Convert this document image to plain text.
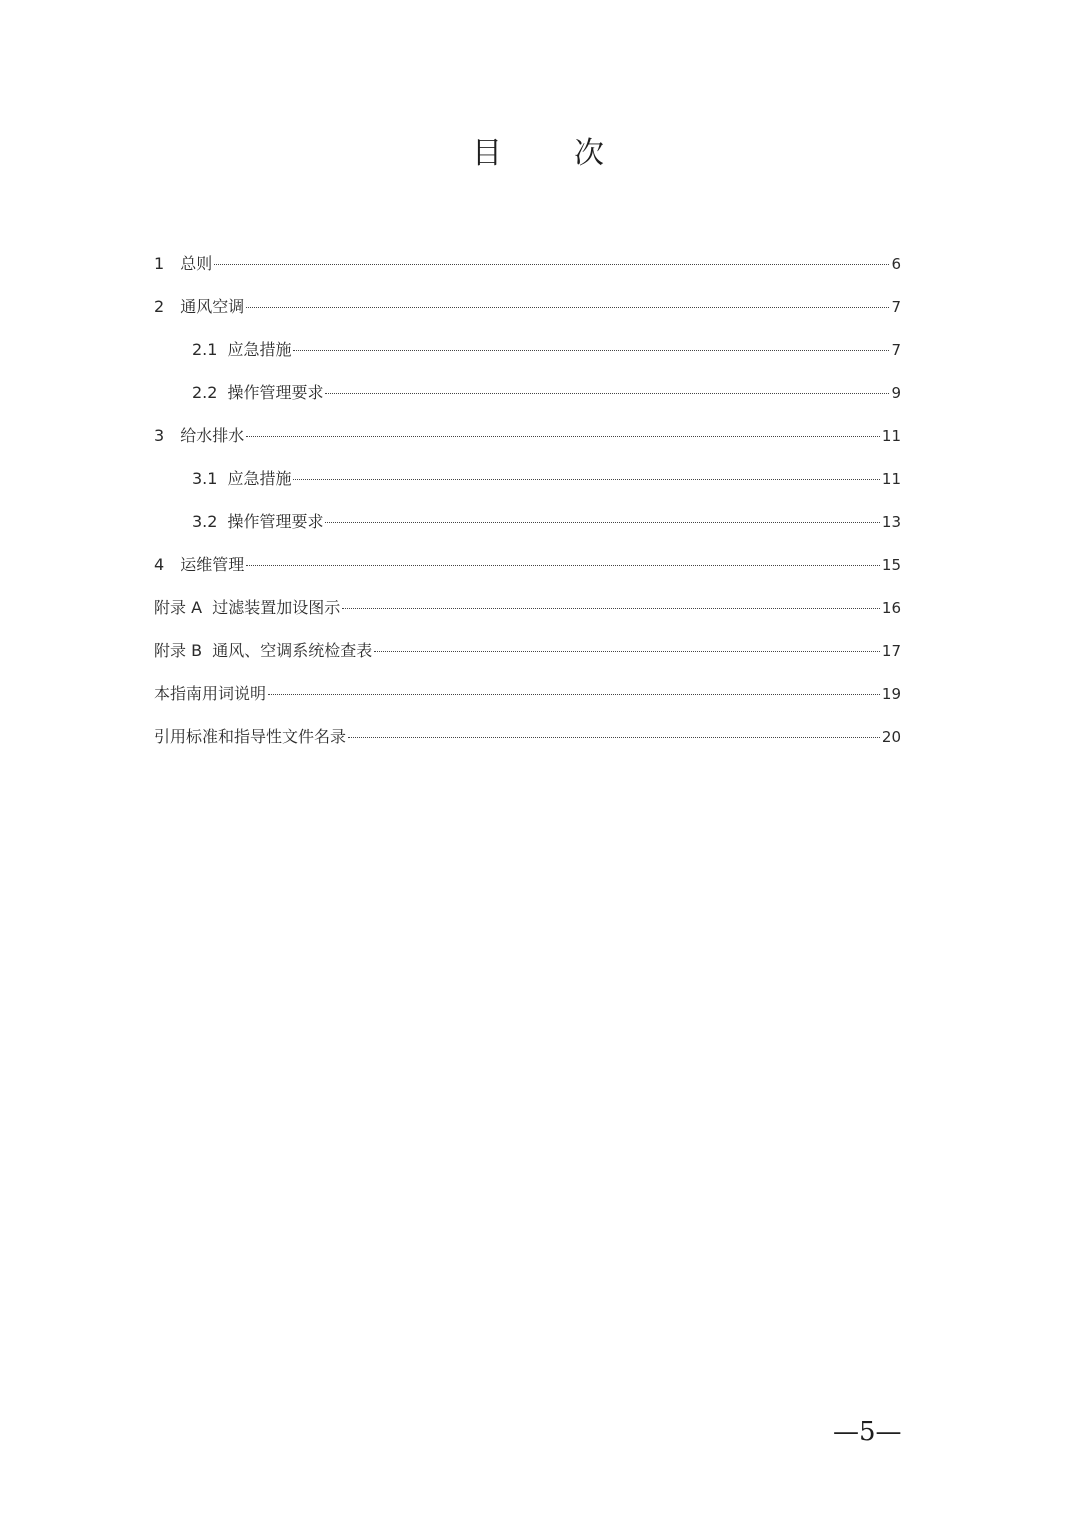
目　　次
1 总则	6
2 通风空调	7
2.1 应急措施	7
2.2 操作管理要求	9
3 给水排水	11
3.1 应急措施	11
3.2 操作管理要求	13
4 运维管理	15
附录 A  过滤装置加设图示	16
附录 B  通风、空调系统检查表	17
本指南用词说明	19
引用标准和指导性文件名录	20
—5—
